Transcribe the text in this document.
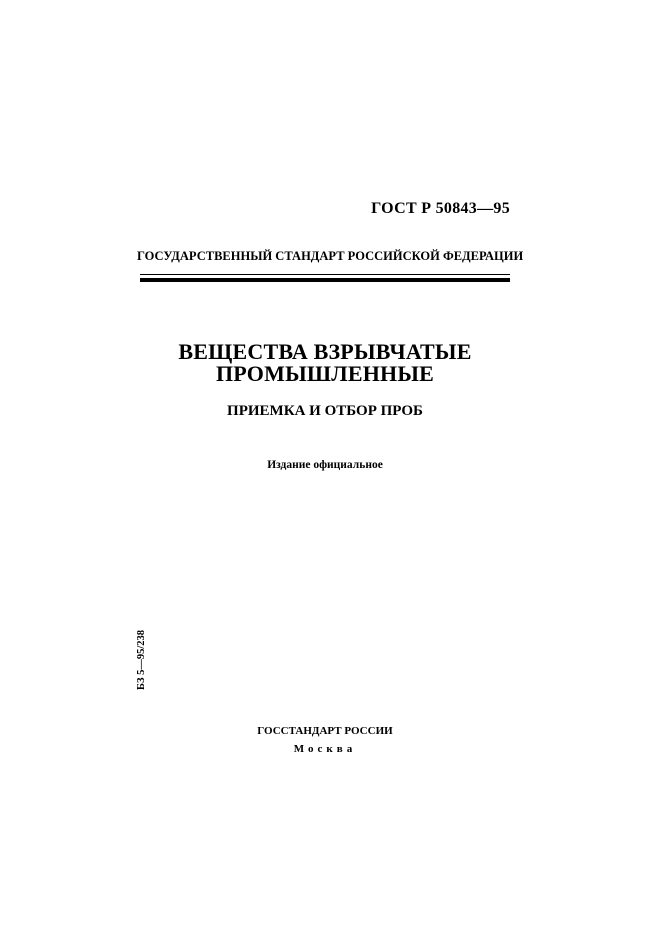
ГОСТ Р 50843—95
ГОСУДАРСТВЕННЫЙ СТАНДАРТ РОССИЙСКОЙ ФЕДЕРАЦИИ
ВЕЩЕСТВА ВЗРЫВЧАТЫЕ
ПРОМЫШЛЕННЫЕ
ПРИЕМКА И ОТБОР ПРОБ
Издание официальное
БЗ 5—95/238
ГОССТАНДАРТ РОССИИ
Москва
